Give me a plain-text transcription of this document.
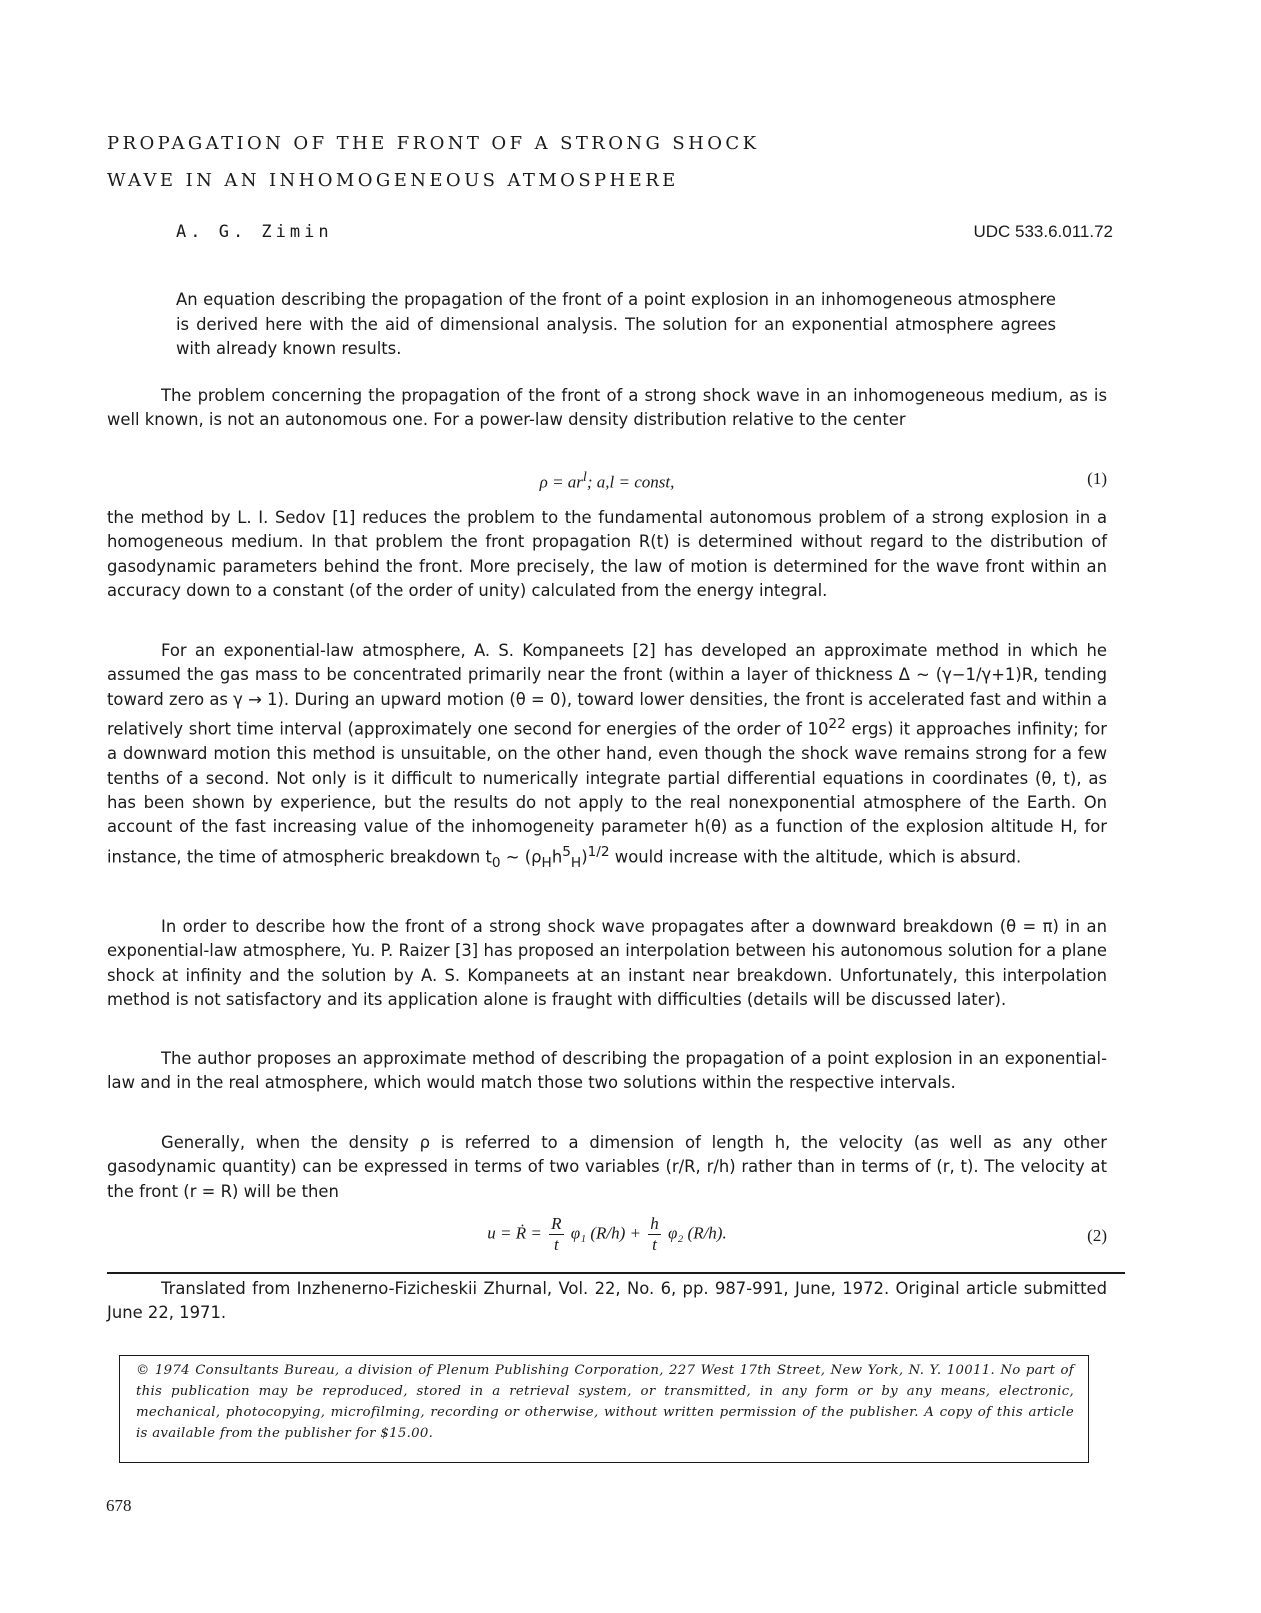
PROPAGATION OF THE FRONT OF A STRONG SHOCK
WAVE IN AN INHOMOGENEOUS ATMOSPHERE
A. G. Zimin	UDC 533.6.011.72
An equation describing the propagation of the front of a point explosion in an inhomogeneous atmosphere is derived here with the aid of dimensional analysis. The solution for an exponential atmosphere agrees with already known results.

The problem concerning the propagation of the front of a strong shock wave in an inhomogeneous medium, as is well known, is not an autonomous one. For a power-law density distribution relative to the center

$\rho = ar^l$; a,l = const,	(1)

the method by L. I. Sedov [1] reduces the problem to the fundamental autonomous problem of a strong explosion in a homogeneous medium. In that problem the front propagation R(t) is determined without regard to the distribution of gasodynamic parameters behind the front. More precisely, the law of motion is determined for the wave front within an accuracy down to a constant (of the order of unity) calculated from the energy integral.

For an exponential-law atmosphere, A. S. Kompaneets [2] has developed an approximate method in which he assumed the gas mass to be concentrated primarily near the front (within a layer of thickness Δ ~ (γ−1/γ+1)R, tending toward zero as γ → 1). During an upward motion (θ = 0), toward lower densities, the front is accelerated fast and within a relatively short time interval (approximately one second for energies of the order of $10^{22}$ ergs) it approaches infinity; for a downward motion this method is unsuitable, on the other hand, even though the shock wave remains strong for a few tenths of a second. Not only is it difficult to numerically integrate partial differential equations in coordinates (θ, t), as has been shown by experience, but the results do not apply to the real nonexponential atmosphere of the Earth. On account of the fast increasing value of the inhomogeneity parameter h(θ) as a function of the explosion altitude H, for instance, the time of atmospheric breakdown $t_0$ ~ $(\rho_Hh^5_H)^{1/2}$ would increase with the altitude, which is absurd.

In order to describe how the front of a strong shock wave propagates after a downward breakdown (θ = π) in an exponential-law atmosphere, Yu. P. Raizer [3] has proposed an interpolation between his autonomous solution for a plane shock at infinity and the solution by A. S. Kompaneets at an instant near breakdown. Unfortunately, this interpolation method is not satisfactory and its application alone is fraught with difficulties (details will be discussed later).

The author proposes an approximate method of describing the propagation of a point explosion in an exponential-law and in the real atmosphere, which would match those two solutions within the respective intervals.

Generally, when the density ρ is referred to a dimension of length h, the velocity (as well as any other gasodynamic quantity) can be expressed in terms of two variables (r/R, r/h) rather than in terms of (r, t). The velocity at the front (r = R) will be then

u = Ṙ = $\frac{R}{t} \varphi_1$ $(R/h) + \frac{h}{t} \varphi_2$ (R/h).	(2)

Translated from Inzhenerno-Fizicheskii Zhurnal, Vol. 22, No. 6, pp. 987-991, June, 1972. Original article submitted June 22, 1971.

© 1974 Consultants Bureau, a division of Plenum Publishing Corporation, 227 West 17th Street, New York, N. Y. 10011. No part of this publication may be reproduced, stored in a retrieval system, or transmitted, in any form or by any means, electronic, mechanical, photocopying, microfilming, recording or otherwise, without written permission of the publisher. A copy of this article is available from the publisher for $15.00.
678
